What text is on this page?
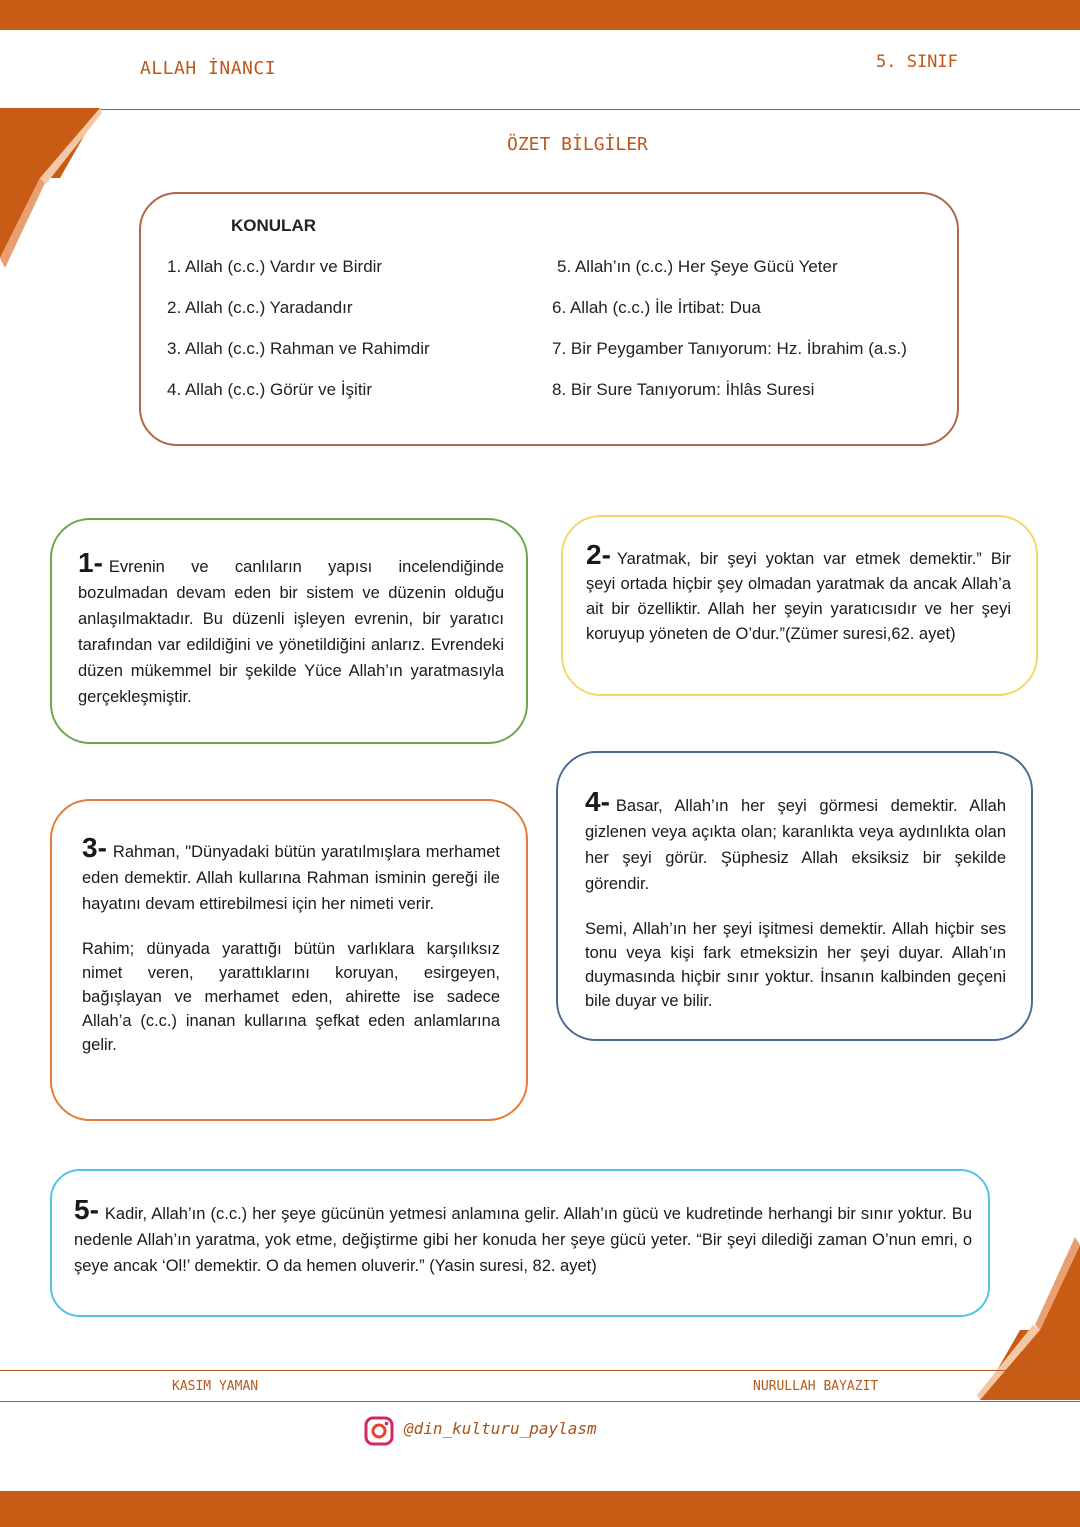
ALLAH İNANCI	5. SINIF
ÖZET BİLGİLER
KONULAR
1. Allah (c.c.) Vardır ve Birdir
2. Allah (c.c.) Yaradandır
3. Allah (c.c.) Rahman ve Rahimdir
4. Allah (c.c.) Görür ve İşitir
5. Allah’ın (c.c.) Her Şeye Gücü Yeter
6. Allah (c.c.) İle İrtibat: Dua
7. Bir Peygamber Tanıyorum: Hz. İbrahim (a.s.)
8. Bir Sure Tanıyorum: İhlâs Suresi

1- Evrenin ve canlıların yapısı incelendiğinde bozulmadan devam eden bir sistem ve düzenin olduğu anlaşılmaktadır. Bu düzenli işleyen evrenin, bir yaratıcı tarafından var edildiğini ve yönetildiğini anlarız. Evrendeki düzen mükemmel bir şekilde Yüce Allah’ın yaratmasıyla gerçekleşmiştir.

2- Yaratmak, bir şeyi yoktan var etmek demektir.” Bir şeyi ortada hiçbir şey olmadan yaratmak da ancak Allah’a ait bir özelliktir. Allah her şeyin yaratıcısıdır ve her şeyi koruyup yöneten de O’dur.”(Zümer suresi,62. ayet)

3- Rahman, "Dünyadaki bütün yaratılmışlara merhamet eden demektir. Allah kullarına Rahman isminin gereği ile hayatını devam ettirebilmesi için her nimeti verir.

Rahim; dünyada yarattığı bütün varlıklara karşılıksız nimet veren, yarattıklarını koruyan, esirgeyen, bağışlayan ve merhamet eden, ahirette ise sadece Allah’a (c.c.) inanan kullarına şefkat eden anlamlarına gelir.

4- Basar, Allah’ın her şeyi görmesi demektir. Allah gizlenen veya açıkta olan; karanlıkta veya aydınlıkta olan her şeyi görür. Şüphesiz Allah eksiksiz bir şekilde görendir.

Semi, Allah’ın her şeyi işitmesi demektir. Allah hiçbir ses tonu veya kişi fark etmeksizin her şeyi duyar. Allah’ın duymasında hiçbir sınır yoktur. İnsanın kalbinden geçeni bile duyar ve bilir.

5- Kadir, Allah’ın (c.c.) her şeye gücünün yetmesi anlamına gelir. Allah’ın gücü ve kudretinde herhangi bir sınır yoktur. Bu nedenle Allah’ın yaratma, yok etme, değiştirme gibi her konuda her şeye gücü yeter. “Bir şeyi dilediği zaman O’nun emri, o şeye ancak ‘Ol!’ demektir. O da hemen oluverir.” (Yasin suresi, 82. ayet)

KASIM YAMAN	NURULLAH BAYAZIT
@din_kulturu_paylasm
